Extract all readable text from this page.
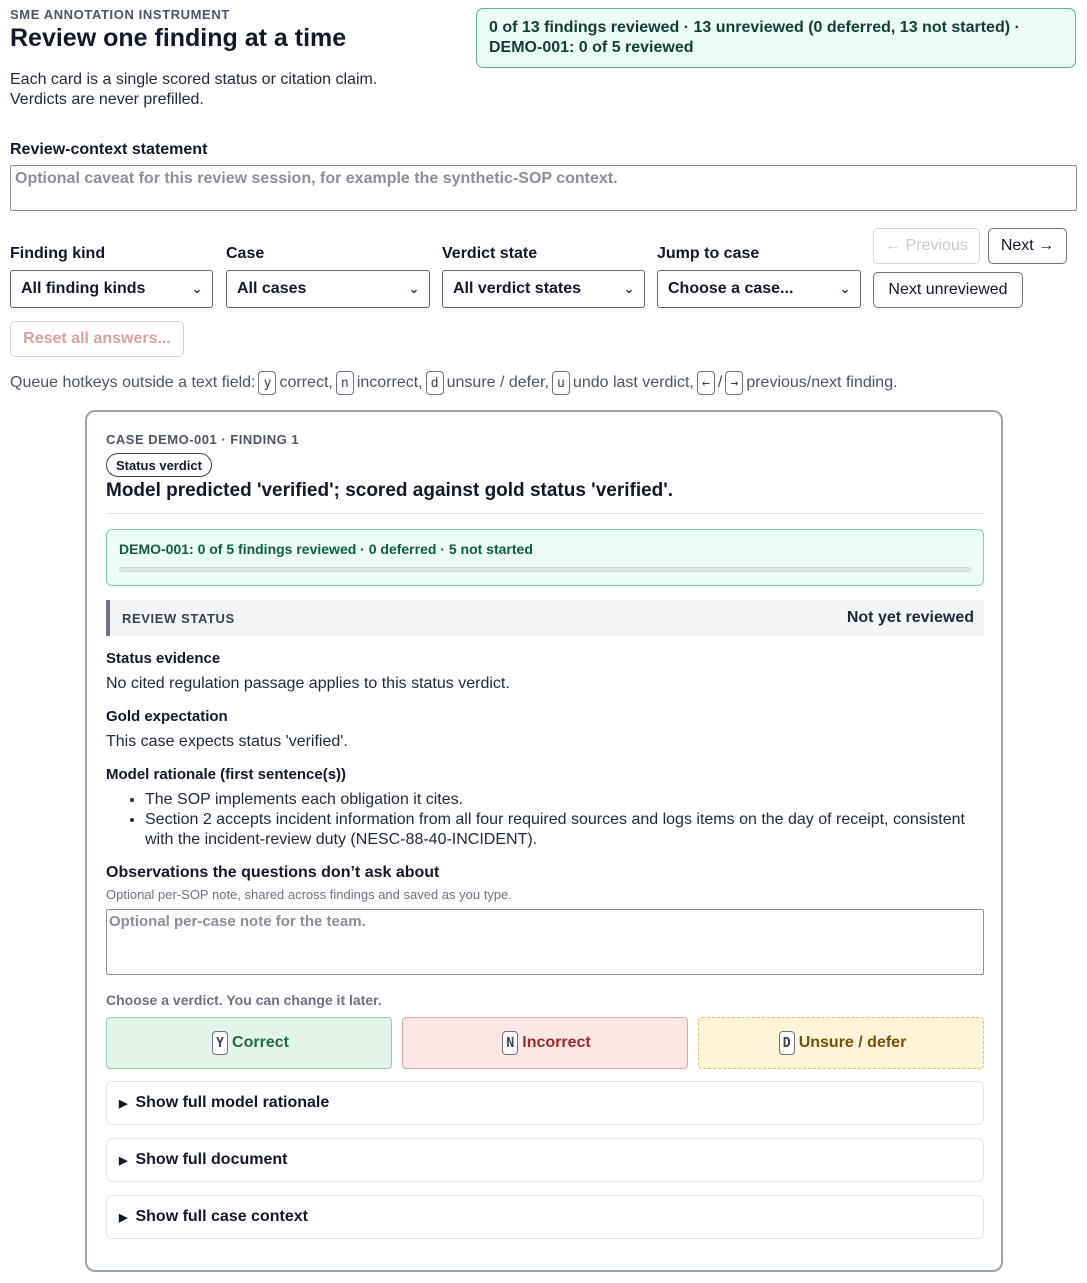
SME ANNOTATION INSTRUMENT
Review one finding at a time
Each card is a single scored status or citation claim.
Verdicts are never prefilled.
0 of 13 findings reviewed · 13 unreviewed (0 deferred, 13 not started) ·
DEMO-001: 0 of 5 reviewed
Review-context statement
Optional caveat for this review session, for example the synthetic-SOP context.
Finding kind
All finding kinds	⌄
Case
All cases	⌄
Verdict state
All verdict states	⌄
Jump to case
Choose a case...	⌄
← Previous	Next →
Next unreviewed
Reset all answers...
Queue hotkeys outside a text field: y correct, n incorrect, d unsure / defer, u undo last verdict, ← / → previous/next finding.
CASE DEMO-001 · FINDING 1
Status verdict
Model predicted 'verified'; scored against gold status 'verified'.
DEMO-001: 0 of 5 findings reviewed · 0 deferred · 5 not started
REVIEW STATUS	Not yet reviewed
Status evidence
No cited regulation passage applies to this status verdict.
Gold expectation
This case expects status 'verified'.
Model rationale (first sentence(s))
• The SOP implements each obligation it cites.
• Section 2 accepts incident information from all four required sources and logs items on the day of receipt, consistent with the incident-review duty (NESC-88-40-INCIDENT).
Observations the questions don’t ask about
Optional per-SOP note, shared across findings and saved as you type.
Optional per-case note for the team.
Choose a verdict. You can change it later.
Y Correct	N Incorrect	D Unsure / defer
▶ Show full model rationale
▶ Show full document
▶ Show full case context
